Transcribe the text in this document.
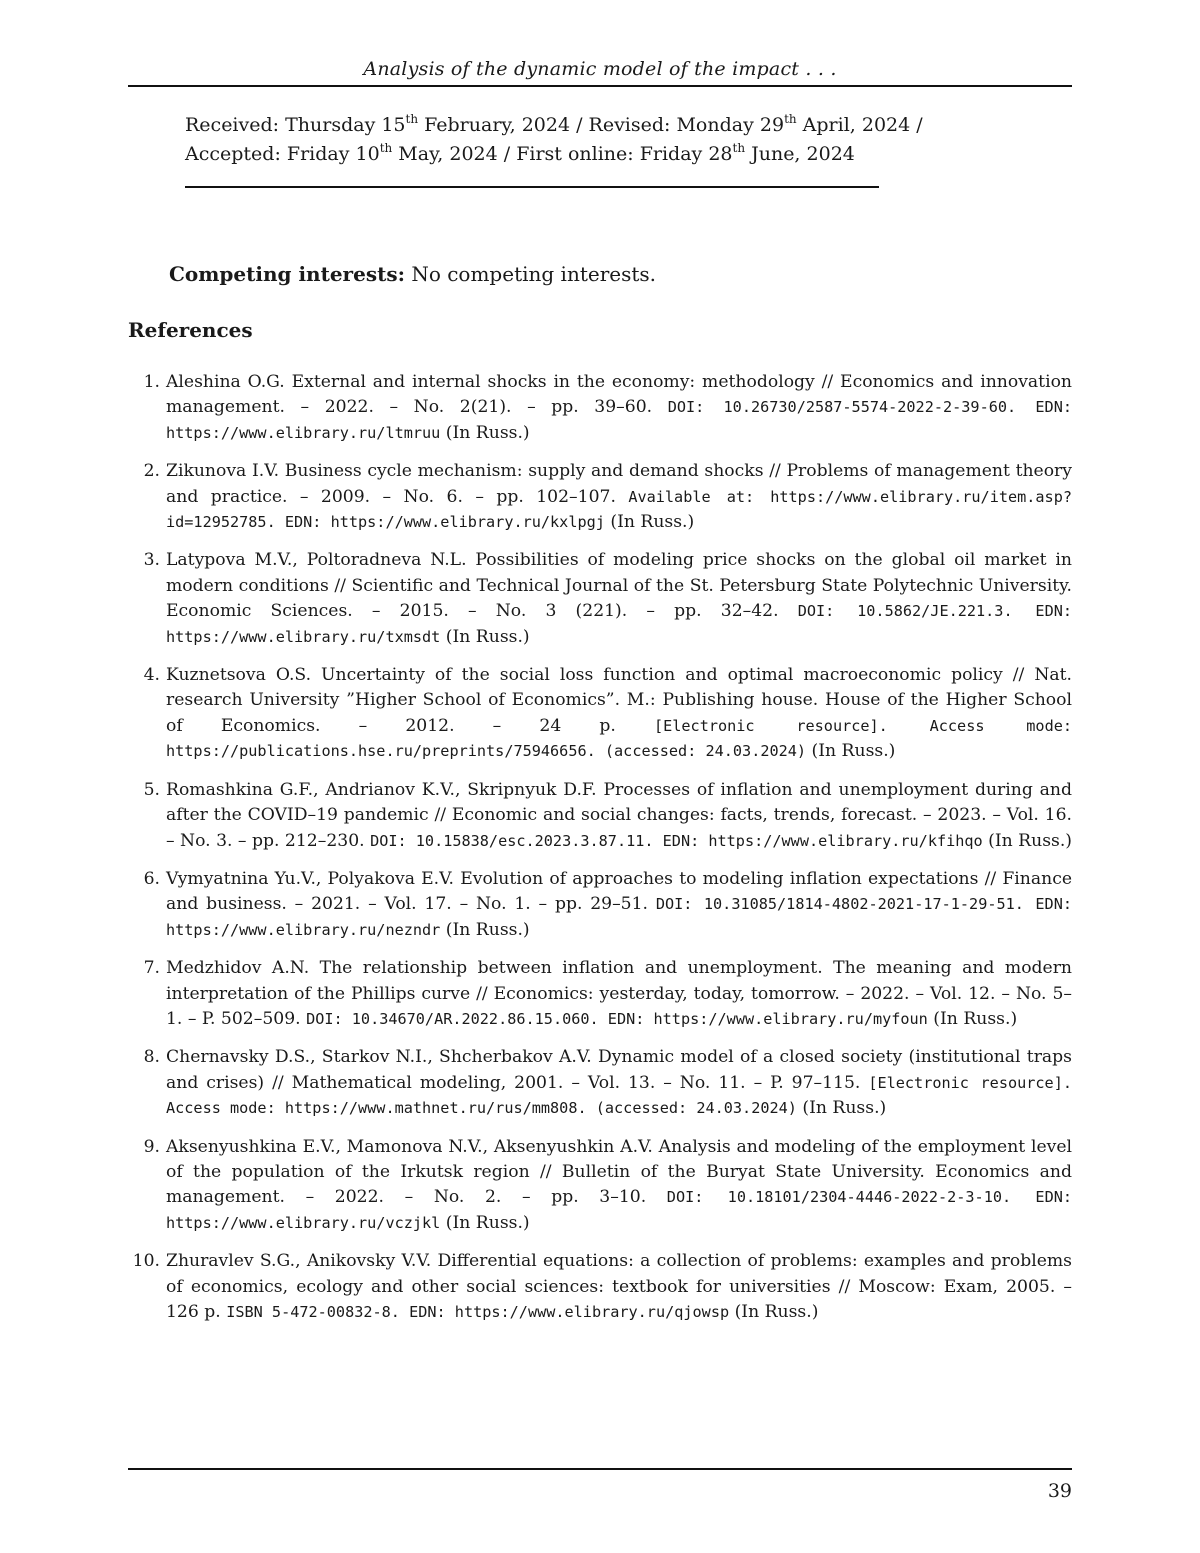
Analysis of the dynamic model of the impact . . .
Received: Thursday 15th February, 2024 / Revised: Monday 29th April, 2024 /
Accepted: Friday 10th May, 2024 / First online: Friday 28th June, 2024
Competing interests: No competing interests.
References
1. Aleshina O.G. External and internal shocks in the economy: methodology // Economics and innovation management. – 2022. – No. 2(21). – pp. 39–60. DOI: 10.26730/2587-5574-2022-2-39-60. EDN: https://www.elibrary.ru/ltmruu (In Russ.)
2. Zikunova I.V. Business cycle mechanism: supply and demand shocks // Problems of management theory and practice. – 2009. – No. 6. – pp. 102–107. Available at: https://www.elibrary.ru/item.asp?id=12952785. EDN: https://www.elibrary.ru/kxlpgj (In Russ.)
3. Latypova M.V., Poltoradneva N.L. Possibilities of modeling price shocks on the global oil market in modern conditions // Scientific and Technical Journal of the St. Petersburg State Polytechnic University. Economic Sciences. – 2015. – No. 3 (221). – pp. 32–42. DOI: 10.5862/JE.221.3. EDN: https://www.elibrary.ru/txmsdt (In Russ.)
4. Kuznetsova O.S. Uncertainty of the social loss function and optimal macroeconomic policy // Nat. research University ”Higher School of Economics”. M.: Publishing house. House of the Higher School of Economics. – 2012. – 24 p. [Electronic resource]. Access mode: https://publications.hse.ru/preprints/75946656. (accessed: 24.03.2024) (In Russ.)
5. Romashkina G.F., Andrianov K.V., Skripnyuk D.F. Processes of inflation and unemployment during and after the COVID–19 pandemic // Economic and social changes: facts, trends, forecast. – 2023. – Vol. 16. – No. 3. – pp. 212–230. DOI: 10.15838/esc.2023.3.87.11. EDN: https://www.elibrary.ru/kfihqo (In Russ.)
6. Vymyatnina Yu.V., Polyakova E.V. Evolution of approaches to modeling inflation expectations // Finance and business. – 2021. – Vol. 17. – No. 1. – pp. 29–51. DOI: 10.31085/1814-4802-2021-17-1-29-51. EDN: https://www.elibrary.ru/nezndr (In Russ.)
7. Medzhidov A.N. The relationship between inflation and unemployment. The meaning and modern interpretation of the Phillips curve // Economics: yesterday, today, tomorrow. – 2022. – Vol. 12. – No. 5–1. – P. 502–509. DOI: 10.34670/AR.2022.86.15.060. EDN: https://www.elibrary.ru/myfoun (In Russ.)
8. Chernavsky D.S., Starkov N.I., Shcherbakov A.V. Dynamic model of a closed society (institutional traps and crises) // Mathematical modeling, 2001. – Vol. 13. – No. 11. – P. 97–115. [Electronic resource]. Access mode: https://www.mathnet.ru/rus/mm808. (accessed: 24.03.2024) (In Russ.)
9. Aksenyushkina E.V., Mamonova N.V., Aksenyushkin A.V. Analysis and modeling of the employment level of the population of the Irkutsk region // Bulletin of the Buryat State University. Economics and management. – 2022. – No. 2. – pp. 3–10. DOI: 10.18101/2304-4446-2022-2-3-10. EDN: https://www.elibrary.ru/vczjkl (In Russ.)
10. Zhuravlev S.G., Anikovsky V.V. Differential equations: a collection of problems: examples and problems of economics, ecology and other social sciences: textbook for universities // Moscow: Exam, 2005. – 126 p. ISBN 5-472-00832-8. EDN: https://www.elibrary.ru/qjowsp (In Russ.)
39
